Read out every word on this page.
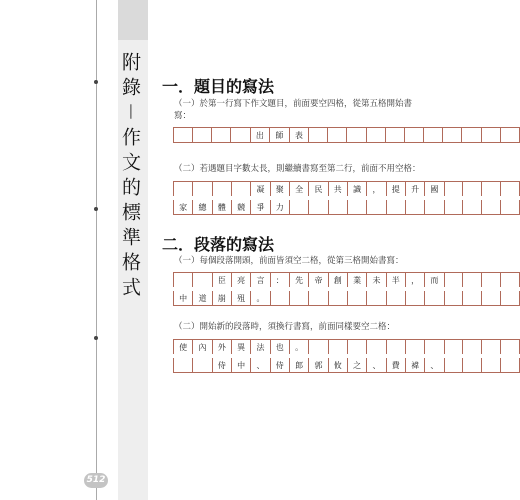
附錄－作文的標準格式 一．題目的寫法
（一）於第一行寫下作文題目，前面要空四格，從第五格開始書寫：
				出	師	表											
（二）若遇題目字數太長，則繼續書寫至第二行，前面不用空格：
				凝	聚	全	民	共	識	，	提	升	國				
家	總	體	競	爭	力												
二．段落的寫法
（一）每個段落開頭，前面皆須空二格，從第三格開始書寫：
		臣	亮	言	：	先	帝	創	業	未	半	，	而				
中	道	崩	殂	。													
（二）開始新的段落時，須換行書寫，前面同樣要空二格：
使	內	外	異	法	也	。											
		侍	中	、	侍	郎	郭	攸	之	、	費	褘	、				
512
